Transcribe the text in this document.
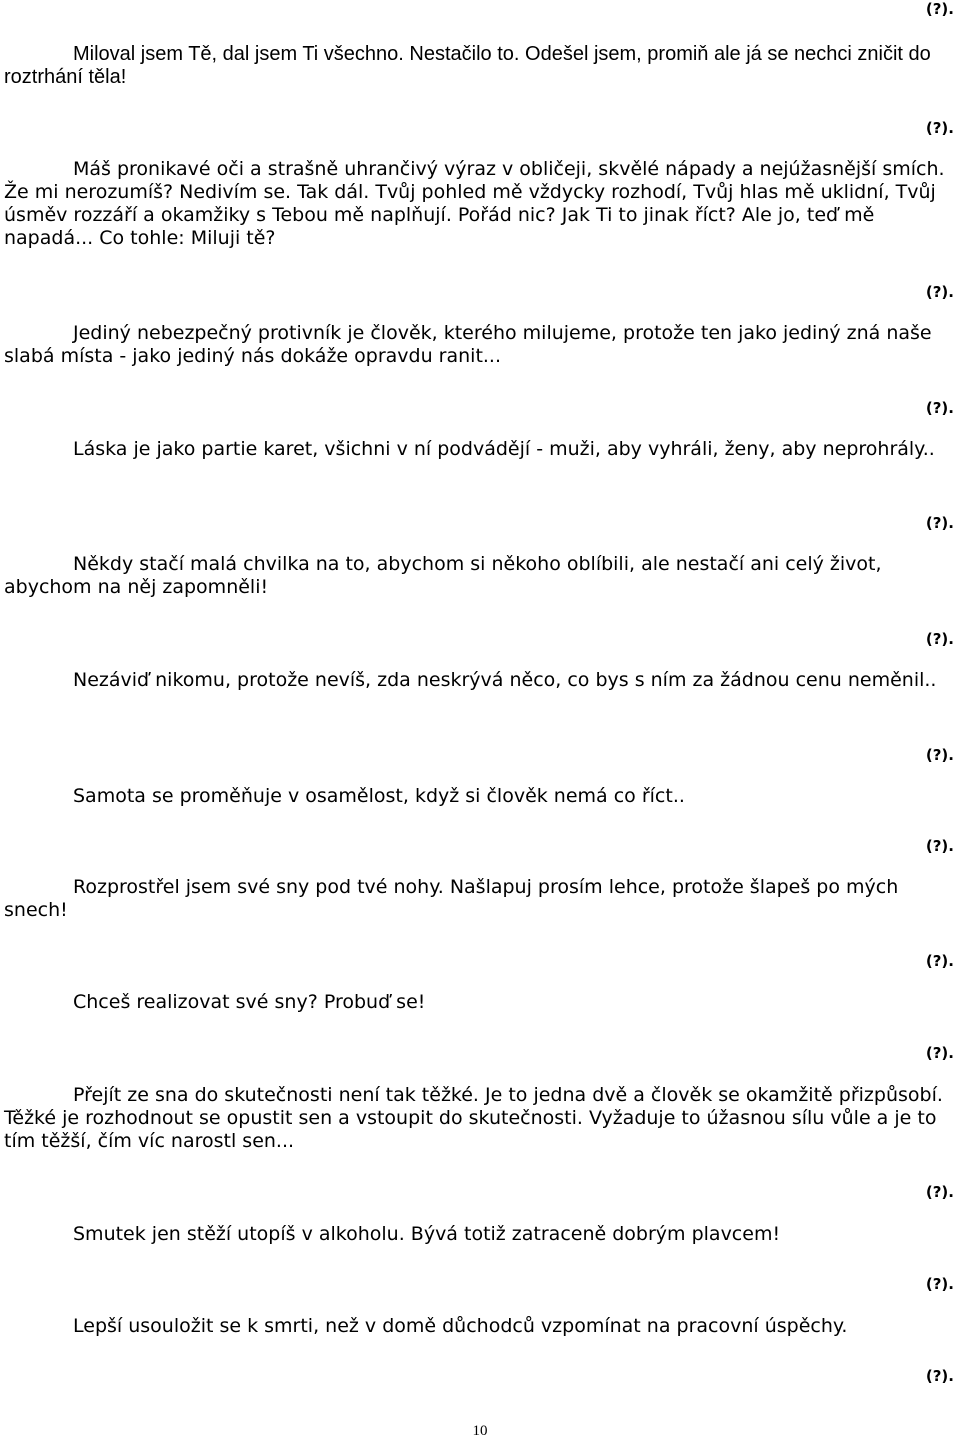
(?).

Miloval jsem Tě, dal jsem Ti všechno. Nestačilo to. Odešel jsem, promiň ale já se nechci zničit do roztrhání těla!

(?).

Máš pronikavé oči a strašně uhrančivý výraz v obličeji, skvělé nápady a nejúžasnější smích. Že mi nerozumíš? Nedivím se. Tak dál. Tvůj pohled mě vždycky rozhodí, Tvůj hlas mě uklidní, Tvůj úsměv rozzáří a okamžiky s Tebou mě naplňují. Pořád nic? Jak Ti to jinak říct? Ale jo, teď mě napadá... Co tohle: Miluji tě?

(?).

Jediný nebezpečný protivník je člověk, kterého milujeme, protože ten jako jediný zná naše slabá místa - jako jediný nás dokáže opravdu ranit...

(?).

Láska je jako partie karet, všichni v ní podvádějí - muži, aby vyhráli, ženy, aby neprohrály..

(?).

Někdy stačí malá chvilka na to, abychom si někoho oblíbili, ale nestačí ani celý život, abychom na něj zapomněli!

(?).

Nezáviď nikomu, protože nevíš, zda neskrývá něco, co bys s ním za žádnou cenu neměnil..

(?).

Samota se proměňuje v osamělost, když si člověk nemá co říct..

(?).

Rozprostřel jsem své sny pod tvé nohy. Našlapuj prosím lehce, protože šlapeš po mých snech!

(?).

Chceš realizovat své sny? Probuď se!

(?).

Přejít ze sna do skutečnosti není tak těžké. Je to jedna dvě a člověk se okamžitě přizpůsobí. Těžké je rozhodnout se opustit sen a vstoupit do skutečnosti. Vyžaduje to úžasnou sílu vůle a je to tím těžší, čím víc narostl sen...

(?).

Smutek jen stěží utopíš v alkoholu. Bývá totiž zatraceně dobrým plavcem!

(?).

Lepší usouložit se k smrti, než v domě důchodců vzpomínat na pracovní úspěchy.

(?).
10
